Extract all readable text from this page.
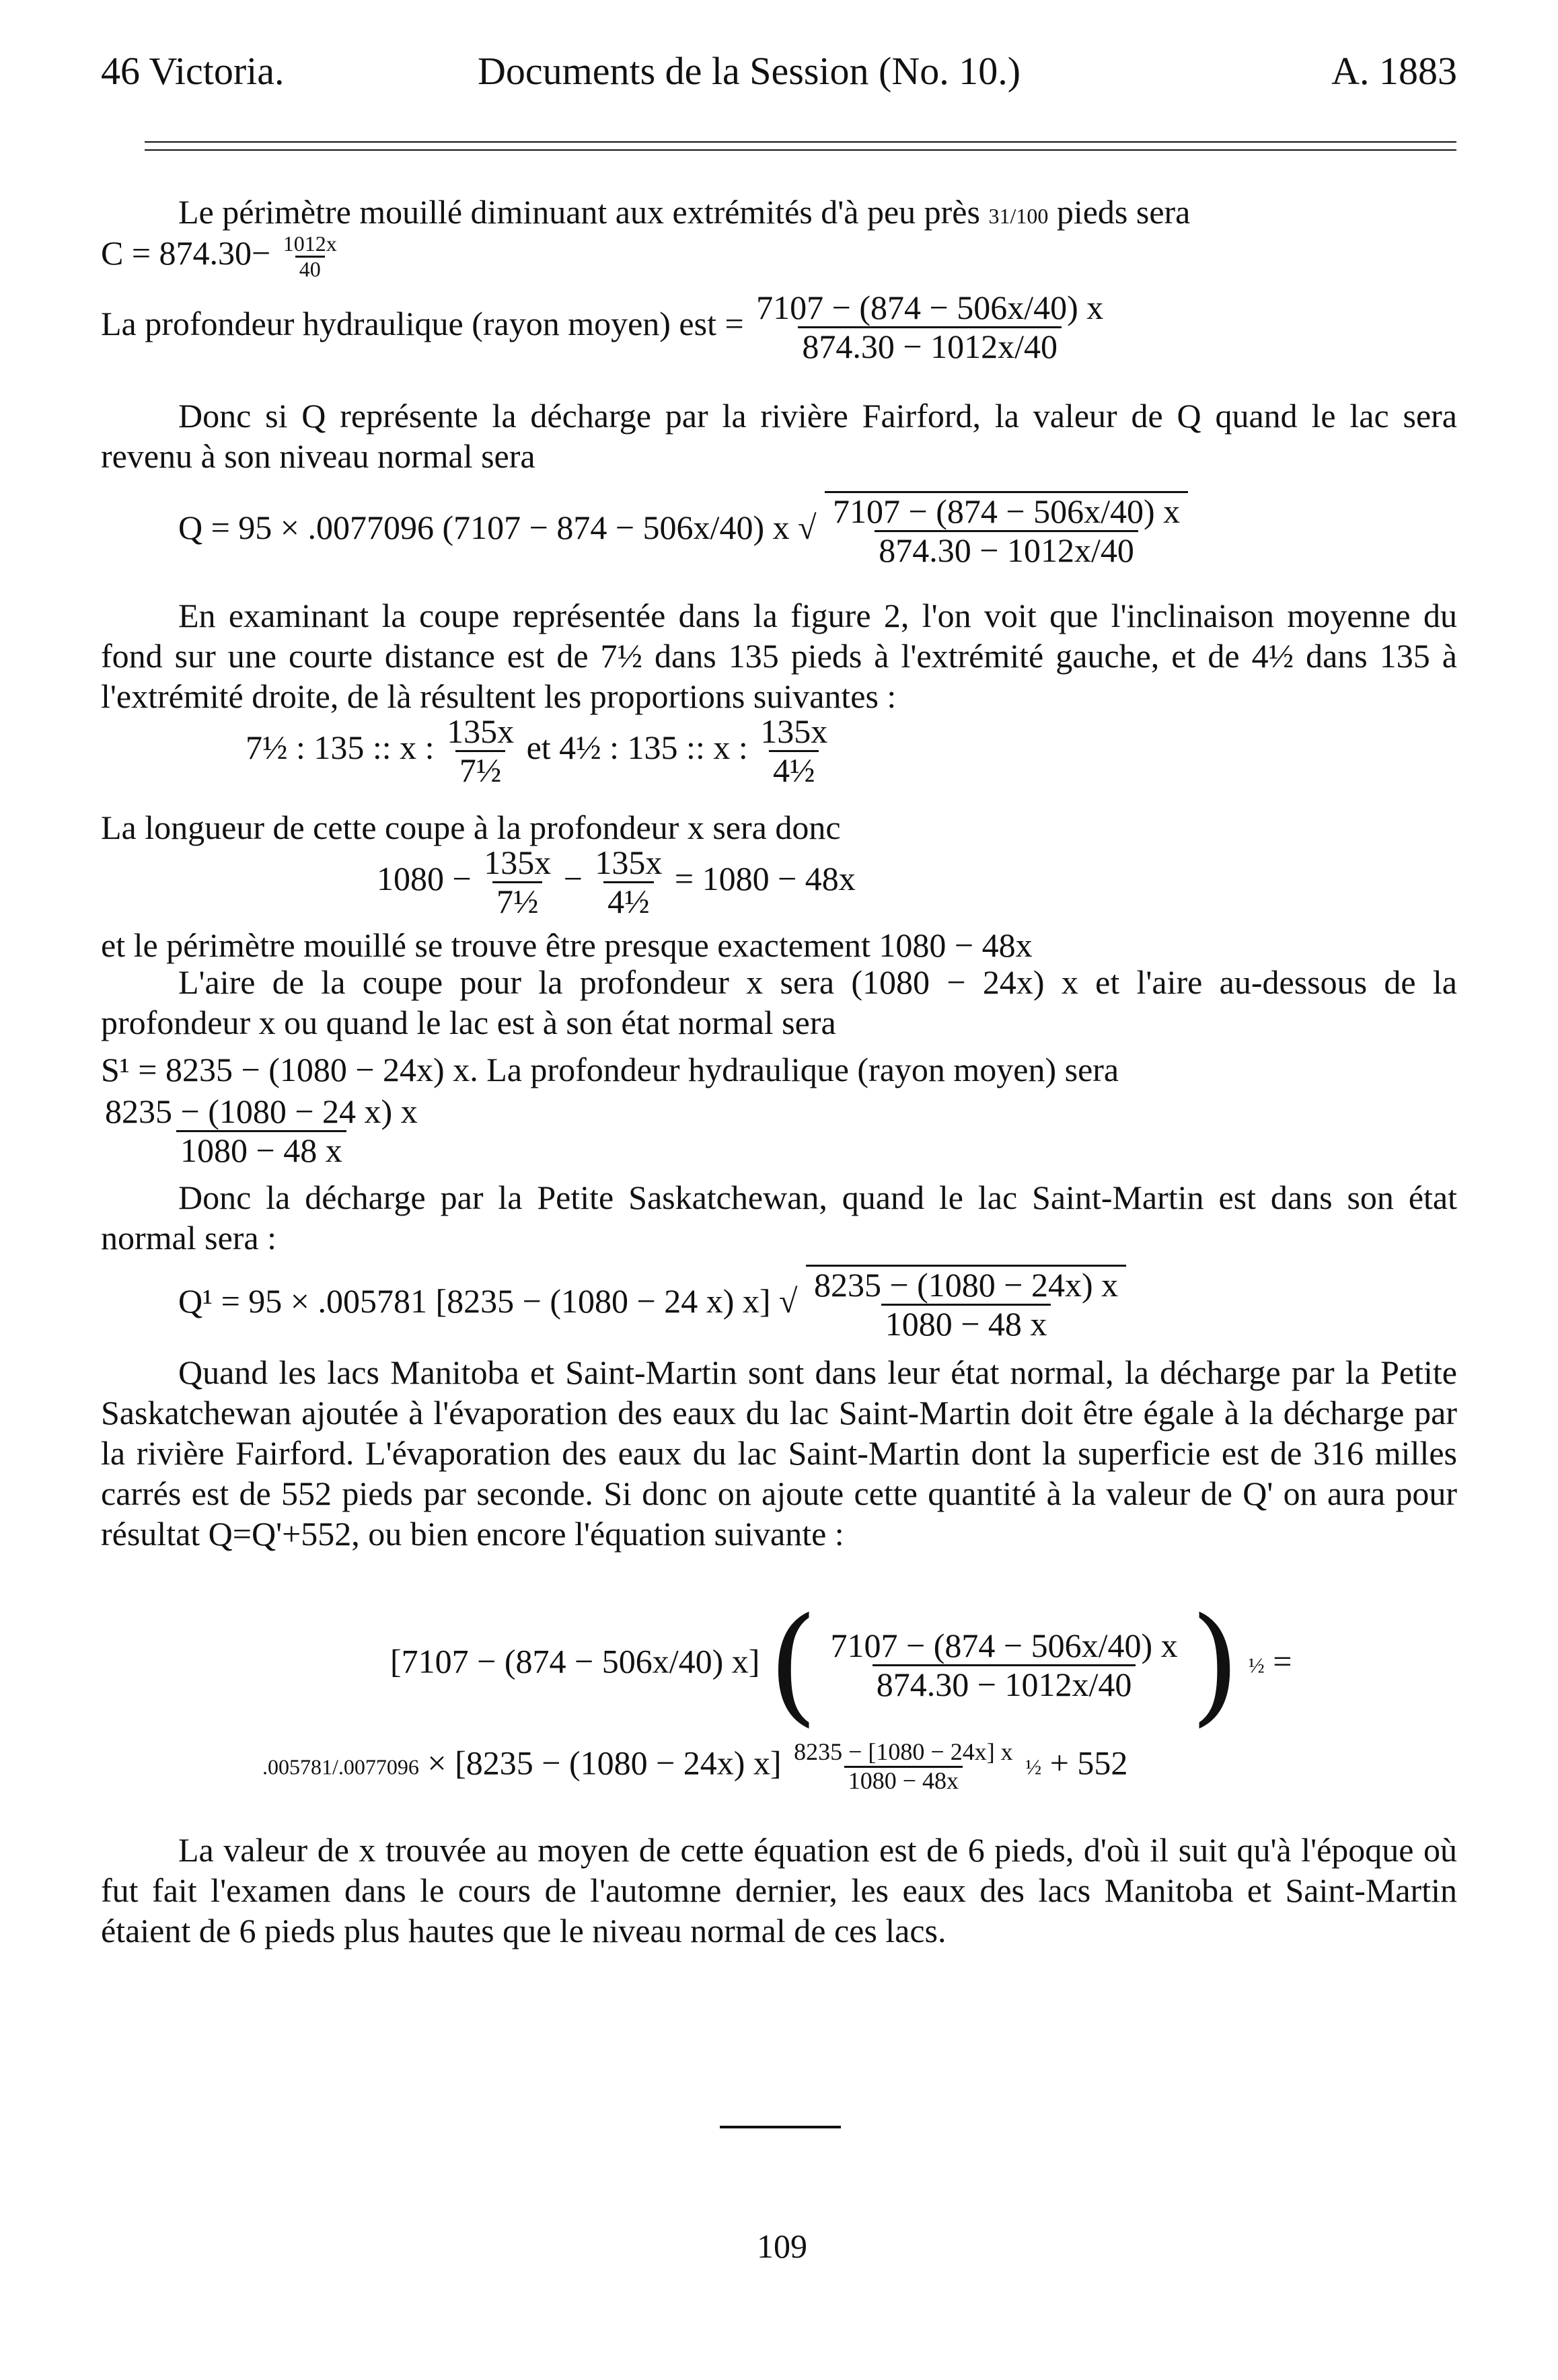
46 Victoria.	Documents de la Session (No. 10.)	A. 1883
Le périmètre mouillé diminuant aux extrémités d'à peu près 31/100 pieds sera
$C = 874.30- \frac{1012x}{40}$
La profondeur hydraulique (rayon moyen) est = $\frac{7107 - (874 - 506x/40) x}{874.30 - 1012x/40}$
Donc si Q représente la décharge par la rivière Fairford, la valeur de Q quand le lac sera revenu à son niveau normal sera
Q = 95 × .0077096 (7107 − 874 − 506x/40) x √ $\frac{7107 - (874 - 506x/40) x}{874.30 - 1012x/40}$
En examinant la coupe représentée dans la figure 2, l'on voit que l'inclinaison moyenne du fond sur une courte distance est de 7½ dans 135 pieds à l'extrémité gauche, et de 4½ dans 135 à l'extrémité droite, de là résultent les proportions suivantes :
7½ : 135 :: x : $\frac{135x}{\text{7½}}$ et 4½ : 135 :: x : $\frac{135x}{\text{4½}}$
La longueur de cette coupe à la profondeur x sera donc
$1080 - \frac{135x}{\text{7½}} - \frac{135x}{\text{4½}} = 1080 - 48x$
et le périmètre mouillé se trouve être presque exactement 1080 − 48x
L'aire de la coupe pour la profondeur x sera (1080 − 24x) x et l'aire au-dessous de la profondeur x ou quand le lac est à son état normal sera
S¹ = 8235 − (1080 − 24x) x. La profondeur hydraulique (rayon moyen) sera
$\frac{8235 - (1080 - 24 x) x}{1080 - 48 x}$
Donc la décharge par la Petite Saskatchewan, quand le lac Saint-Martin est dans son état normal sera :
Q¹ = 95 × .005781 [8235 − (1080 − 24 x) x] √ $\frac{8235 - (1080 - 24x) x}{1080 - 48 x}$
Quand les lacs Manitoba et Saint-Martin sont dans leur état normal, la décharge par la Petite Saskatchewan ajoutée à l'évaporation des eaux du lac Saint-Martin doit être égale à la décharge par la rivière Fairford. L'évaporation des eaux du lac Saint-Martin dont la superficie est de 316 milles carrés est de 552 pieds par seconde. Si donc on ajoute cette quantité à la valeur de Q' on aura pour résultat Q=Q'+552, ou bien encore l'équation suivante :
[7107 − (874 − 506x/40) x] ( $\frac{7107 - (874 - 506x/40) x}{874.30 - 1012x/40}$ ) ½ =
.005781/.0077096 × [8235 − (1080 − 24x) $x] \frac{8235 - [1080 - 24x] x}{1080 - 48x}$ ½ + 552
La valeur de x trouvée au moyen de cette équation est de 6 pieds, d'où il suit qu'à l'époque où fut fait l'examen dans le cours de l'automne dernier, les eaux des lacs Manitoba et Saint-Martin étaient de 6 pieds plus hautes que le niveau normal de ces lacs.
109
